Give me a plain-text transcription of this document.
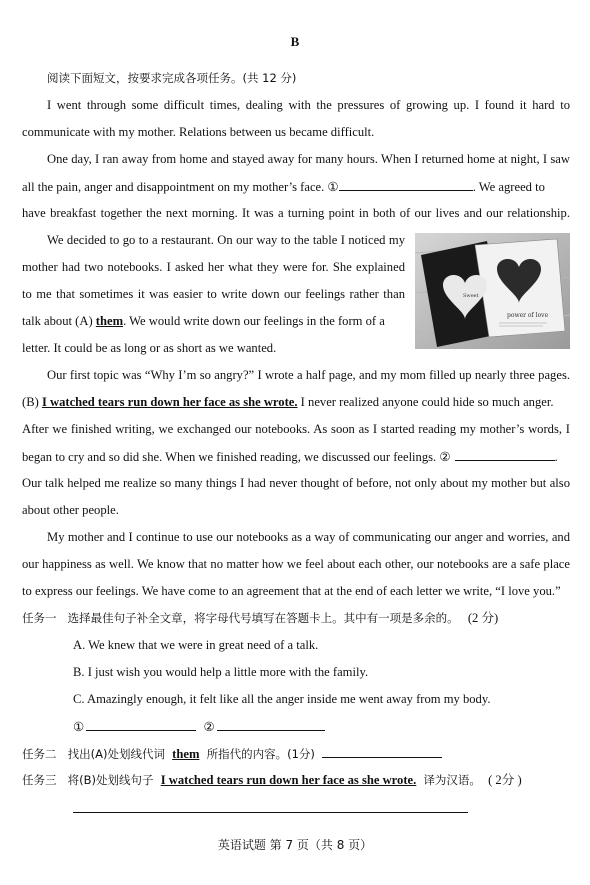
B
阅读下面短文，按要求完成各项任务。(共 12 分)
I went through some difficult times, dealing with the pressures of growing up. I found it hard to
communicate with my mother. Relations between us became difficult.
One day, I ran away from home and stayed away for many hours. When I returned home at night, I saw
all the pain, anger and disappointment on my mother’s face. ①	. We agreed to
have breakfast together the next morning. It was a turning point in both of our lives and our relationship.
We decided to go to a restaurant. On our way to the table I noticed my
mother had two notebooks. I asked her what they were for. She explained
to me that sometimes it was easier to write down our feelings rather than
talk about (A) them. We would write down our feelings in the form of a
letter. It could be as long or as short as we wanted.
Sweet
power of love
Our first topic was “Why I’m so angry?” I wrote a half page, and my mom filled up nearly three pages.
(B) I watched tears run down her face as she wrote. I never realized anyone could hide so much anger.
After we finished writing, we exchanged our notebooks. As soon as I started reading my mother’s words, I
began to cry and so did she. When we finished reading, we discussed our feelings. ②	.
Our talk helped me realize so many things I had never thought of before, not only about my mother but also
about other people.
My mother and I continue to use our notebooks as a way of communicating our anger and worries, and
our happiness as well. We know that no matter how we feel about each other, our notebooks are a safe place
to express our feelings. We have come to an agreement that at the end of each letter we write, “I love you.”
任务一 选择最佳句子补全文章，将字母代号填写在答题卡上。其中有一项是多余的。 (2 分)
A. We knew that we were in great need of a talk.
B. I just wish you would help a little more with the family.
C. Amazingly enough, it felt like all the anger inside me went away from my body.
①	②
任务二 找出(A)处划线代词 them 所指代的内容。(1分)
任务三 将(B)处划线句子 I watched tears run down her face as she wrote. 译为汉语。 ( 2分 )
英语试题 第 7 页（共 8 页）
